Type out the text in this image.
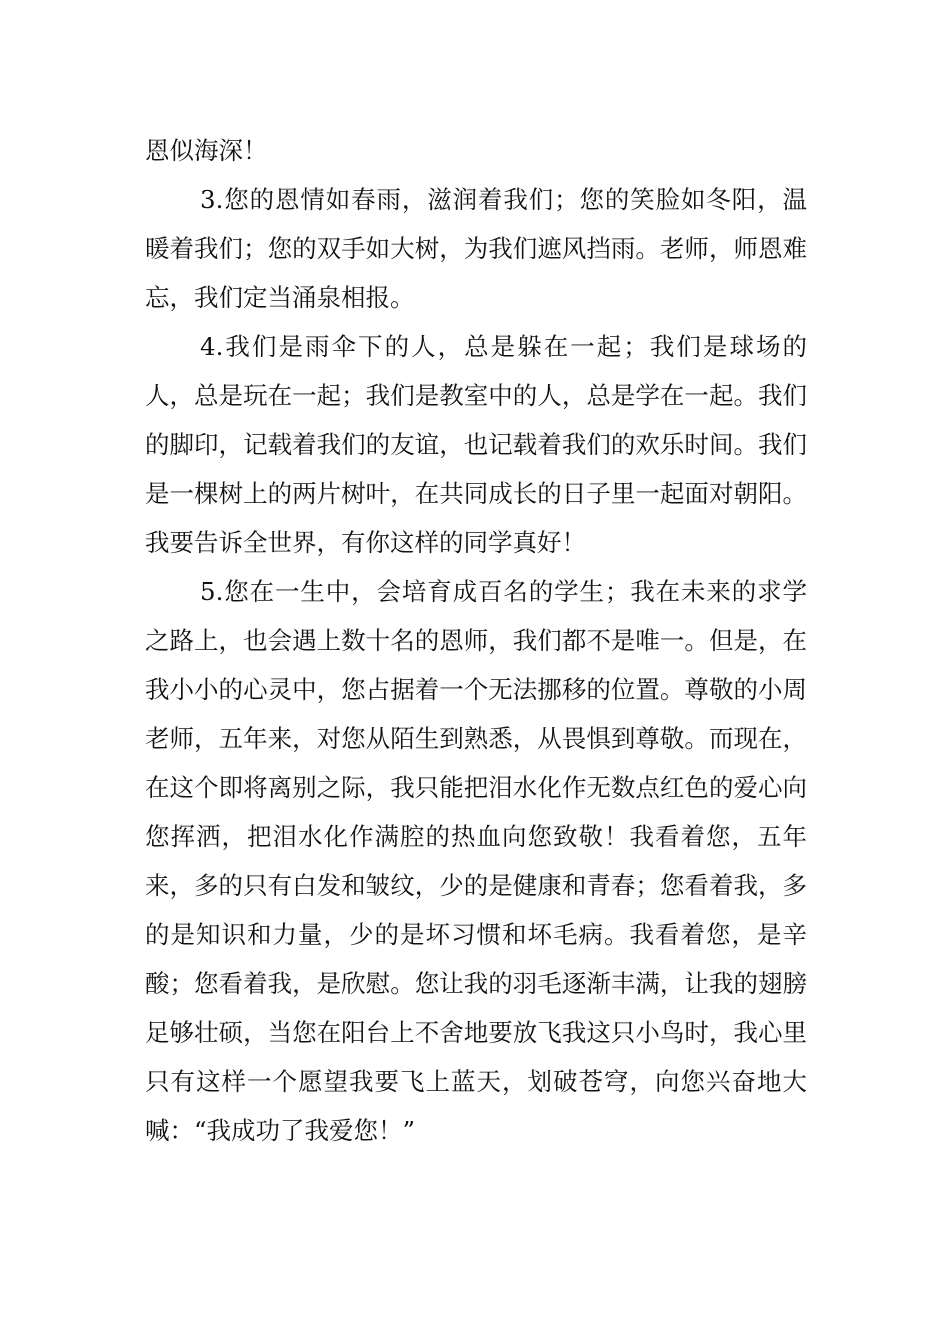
恩似海深！

3.您的恩情如春雨，滋润着我们；您的笑脸如冬阳，温暖着我们；您的双手如大树，为我们遮风挡雨。老师，师恩难忘，我们定当涌泉相报。

4.我们是雨伞下的人，总是躲在一起；我们是球场的人，总是玩在一起；我们是教室中的人，总是学在一起。我们的脚印，记载着我们的友谊，也记载着我们的欢乐时间。我们是一棵树上的两片树叶，在共同成长的日子里一起面对朝阳。我要告诉全世界，有你这样的同学真好！

5.您在一生中，会培育成百名的学生；我在未来的求学之路上，也会遇上数十名的恩师，我们都不是唯一。但是，在我小小的心灵中，您占据着一个无法挪移的位置。尊敬的小周老师，五年来，对您从陌生到熟悉，从畏惧到尊敬。而现在，在这个即将离别之际，我只能把泪水化作无数点红色的爱心向您挥洒，把泪水化作满腔的热血向您致敬！我看着您，五年来，多的只有白发和皱纹，少的是健康和青春；您看着我，多的是知识和力量，少的是坏习惯和坏毛病。我看着您，是辛酸；您看着我，是欣慰。您让我的羽毛逐渐丰满，让我的翅膀足够壮硕，当您在阳台上不舍地要放飞我这只小鸟时，我心里只有这样一个愿望我要飞上蓝天，划破苍穹，向您兴奋地大喊：“我成功了我爱您！”
